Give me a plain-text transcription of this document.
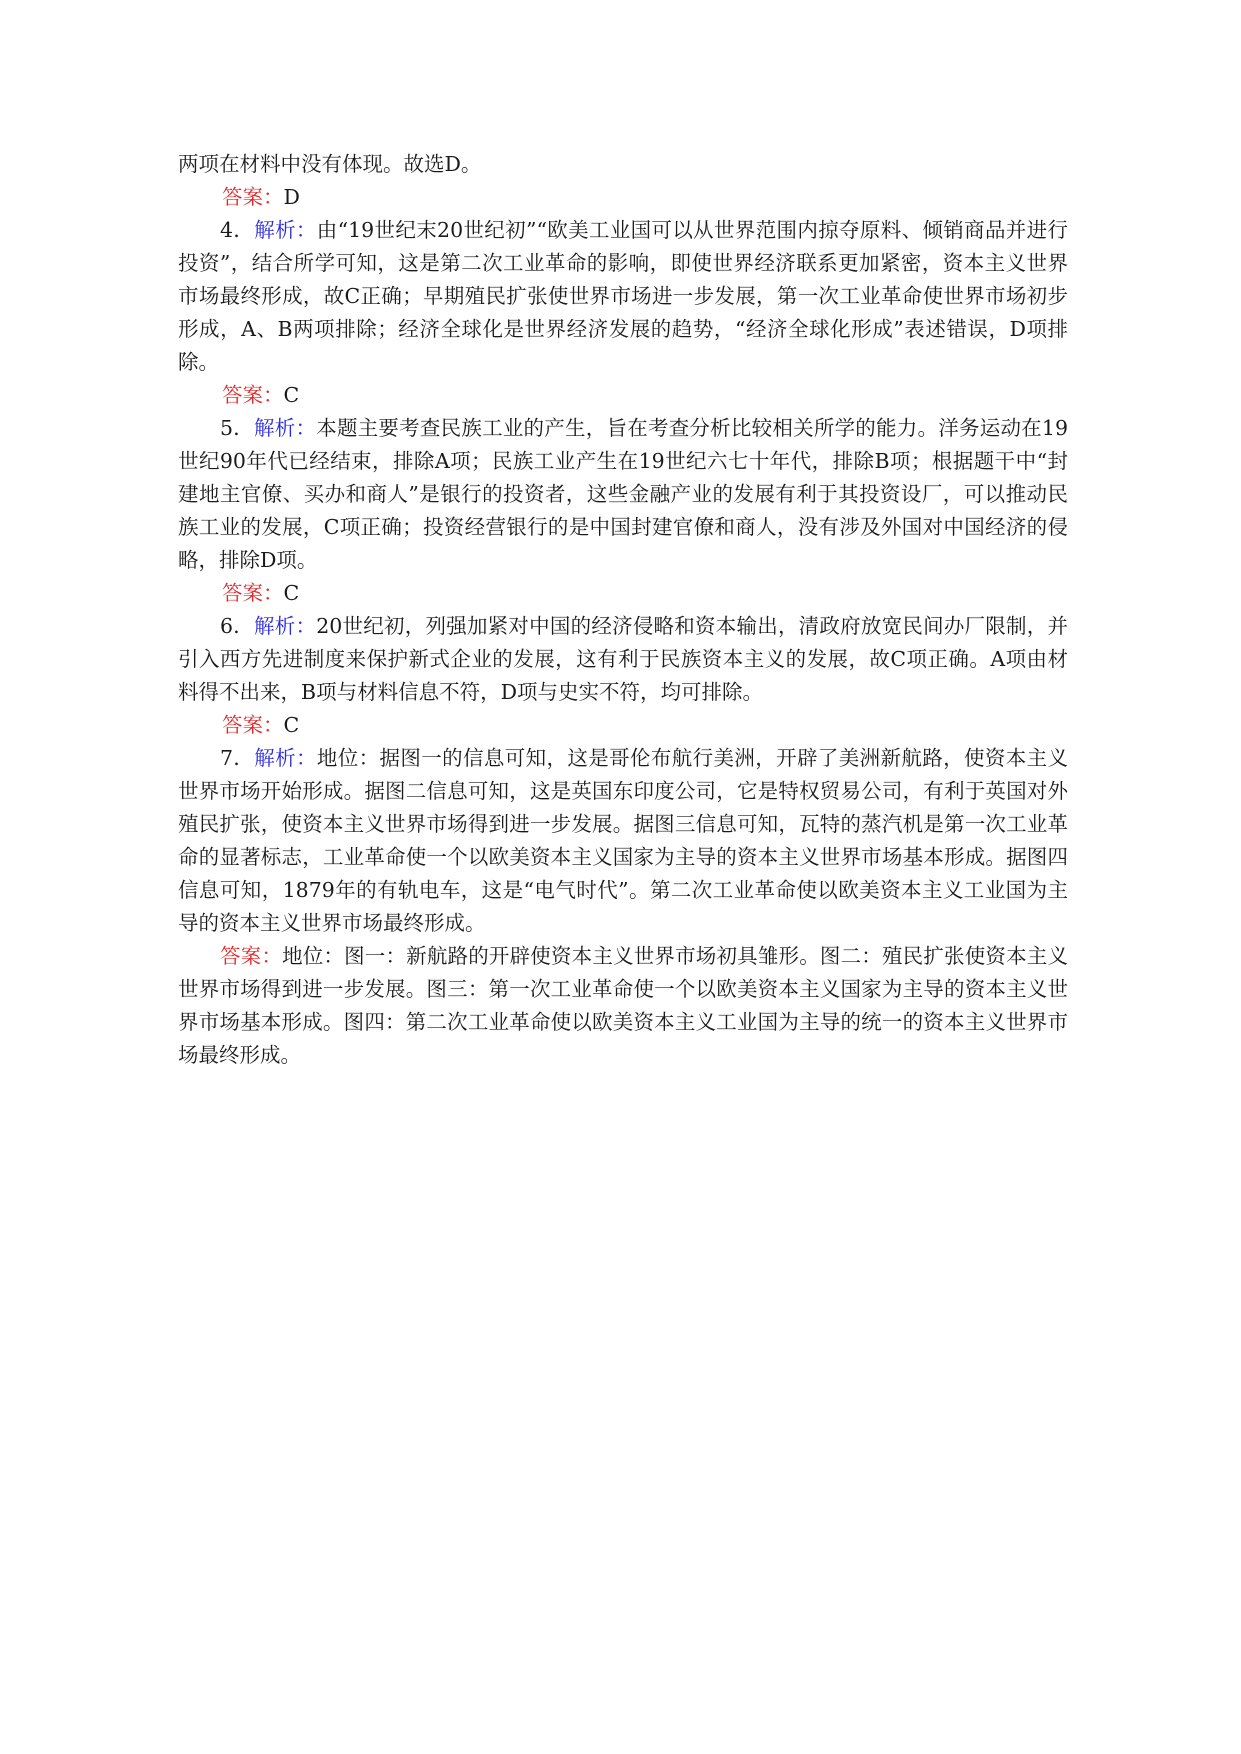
两项在材料中没有体现。故选D。

答案：D

4．解析：由“19世纪末20世纪初”“欧美工业国可以从世界范围内掠夺原料、倾销商品并进行投资”，结合所学可知，这是第二次工业革命的影响，即使世界经济联系更加紧密，资本主义世界市场最终形成，故C正确；早期殖民扩张使世界市场进一步发展，第一次工业革命使世界市场初步形成，A、B两项排除；经济全球化是世界经济发展的趋势，“经济全球化形成”表述错误，D项排除。

答案：C

5．解析：本题主要考查民族工业的产生，旨在考查分析比较相关所学的能力。洋务运动在19世纪90年代已经结束，排除A项；民族工业产生在19世纪六七十年代，排除B项；根据题干中“封建地主官僚、买办和商人”是银行的投资者，这些金融产业的发展有利于其投资设厂，可以推动民族工业的发展，C项正确；投资经营银行的是中国封建官僚和商人，没有涉及外国对中国经济的侵略，排除D项。

答案：C

6．解析：20世纪初，列强加紧对中国的经济侵略和资本输出，清政府放宽民间办厂限制，并引入西方先进制度来保护新式企业的发展，这有利于民族资本主义的发展，故C项正确。A项由材料得不出来，B项与材料信息不符，D项与史实不符，均可排除。

答案：C

7．解析：地位：据图一的信息可知，这是哥伦布航行美洲，开辟了美洲新航路，使资本主义世界市场开始形成。据图二信息可知，这是英国东印度公司，它是特权贸易公司，有利于英国对外殖民扩张，使资本主义世界市场得到进一步发展。据图三信息可知，瓦特的蒸汽机是第一次工业革命的显著标志，工业革命使一个以欧美资本主义国家为主导的资本主义世界市场基本形成。据图四信息可知，1879年的有轨电车，这是“电气时代”。第二次工业革命使以欧美资本主义工业国为主导的资本主义世界市场最终形成。

答案：地位：图一：新航路的开辟使资本主义世界市场初具雏形。图二：殖民扩张使资本主义世界市场得到进一步发展。图三：第一次工业革命使一个以欧美资本主义国家为主导的资本主义世界市场基本形成。图四：第二次工业革命使以欧美资本主义工业国为主导的统一的资本主义世界市场最终形成。
